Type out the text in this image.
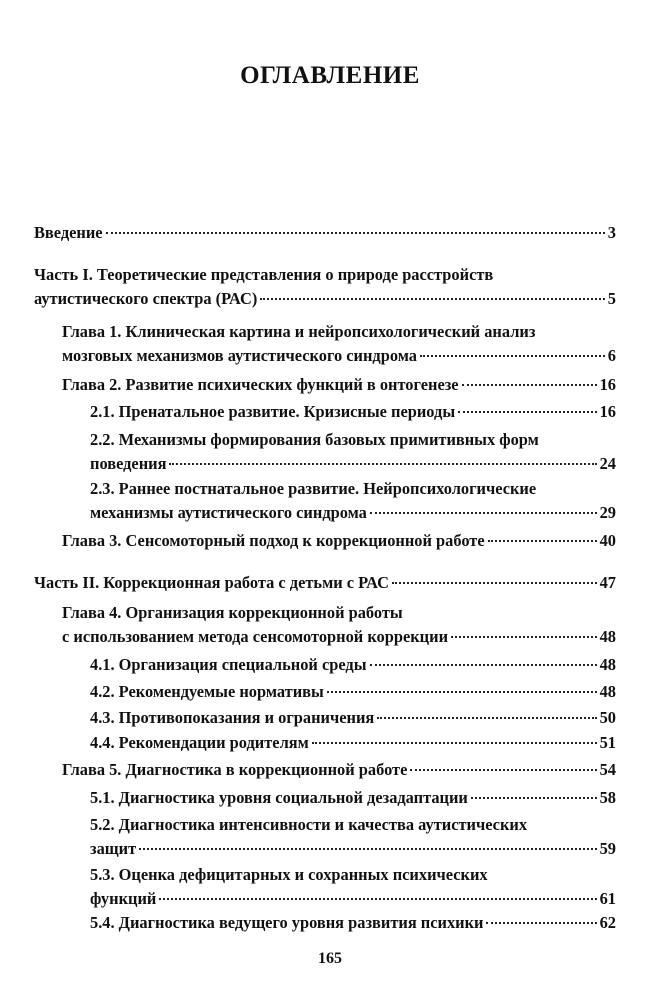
ОГЛАВЛЕНИЕ
Введение	3
Часть I. Теоретические представления о природе расстройств
аутистического спектра (РАС)	5
Глава 1. Клиническая картина и нейропсихологический анализ
мозговых механизмов аутистического синдрома	6
Глава 2. Развитие психических функций в онтогенезе	16
2.1. Пренатальное развитие. Кризисные периоды	16
2.2. Механизмы формирования базовых примитивных форм
поведения	24
2.3. Раннее постнатальное развитие. Нейропсихологические
механизмы аутистического синдрома	29
Глава 3. Сенсомоторный подход к коррекционной работе	40
Часть II. Коррекционная работа с детьми с РАС	47
Глава 4. Организация коррекционной работы
с использованием метода сенсомоторной коррекции	48
4.1. Организация специальной среды	48
4.2. Рекомендуемые нормативы	48
4.3. Противопоказания и ограничения	50
4.4. Рекомендации родителям	51
Глава 5. Диагностика в коррекционной работе	54
5.1. Диагностика уровня социальной дезадаптации	58
5.2. Диагностика интенсивности и качества аутистических
защит	59
5.3. Оценка дефицитарных и сохранных психических
функций	61
5.4. Диагностика ведущего уровня развития психики	62
165
